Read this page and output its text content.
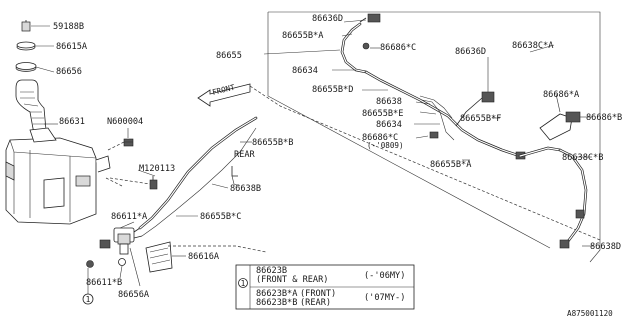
59188B
86615A
86656
86631	N600004
M120113
86611*A
86611*B
86656A
86616A
86655B*C
86638B
86655B*B
REAR
FRONT
86636D
86655B*A
86686*C
86655
86634
86655B*D
86638
86655B*E
86634
86686*C
(-'0809)
86655B*A
86636D
86655B*F
86638C*A
86686*A
86686*B
86638C*B
86638D
1
1
86623B
(FRONT & REAR)	(-'06MY)
86623B*A (FRONT)	('07MY-)
86623B*B (REAR)
A875001120
